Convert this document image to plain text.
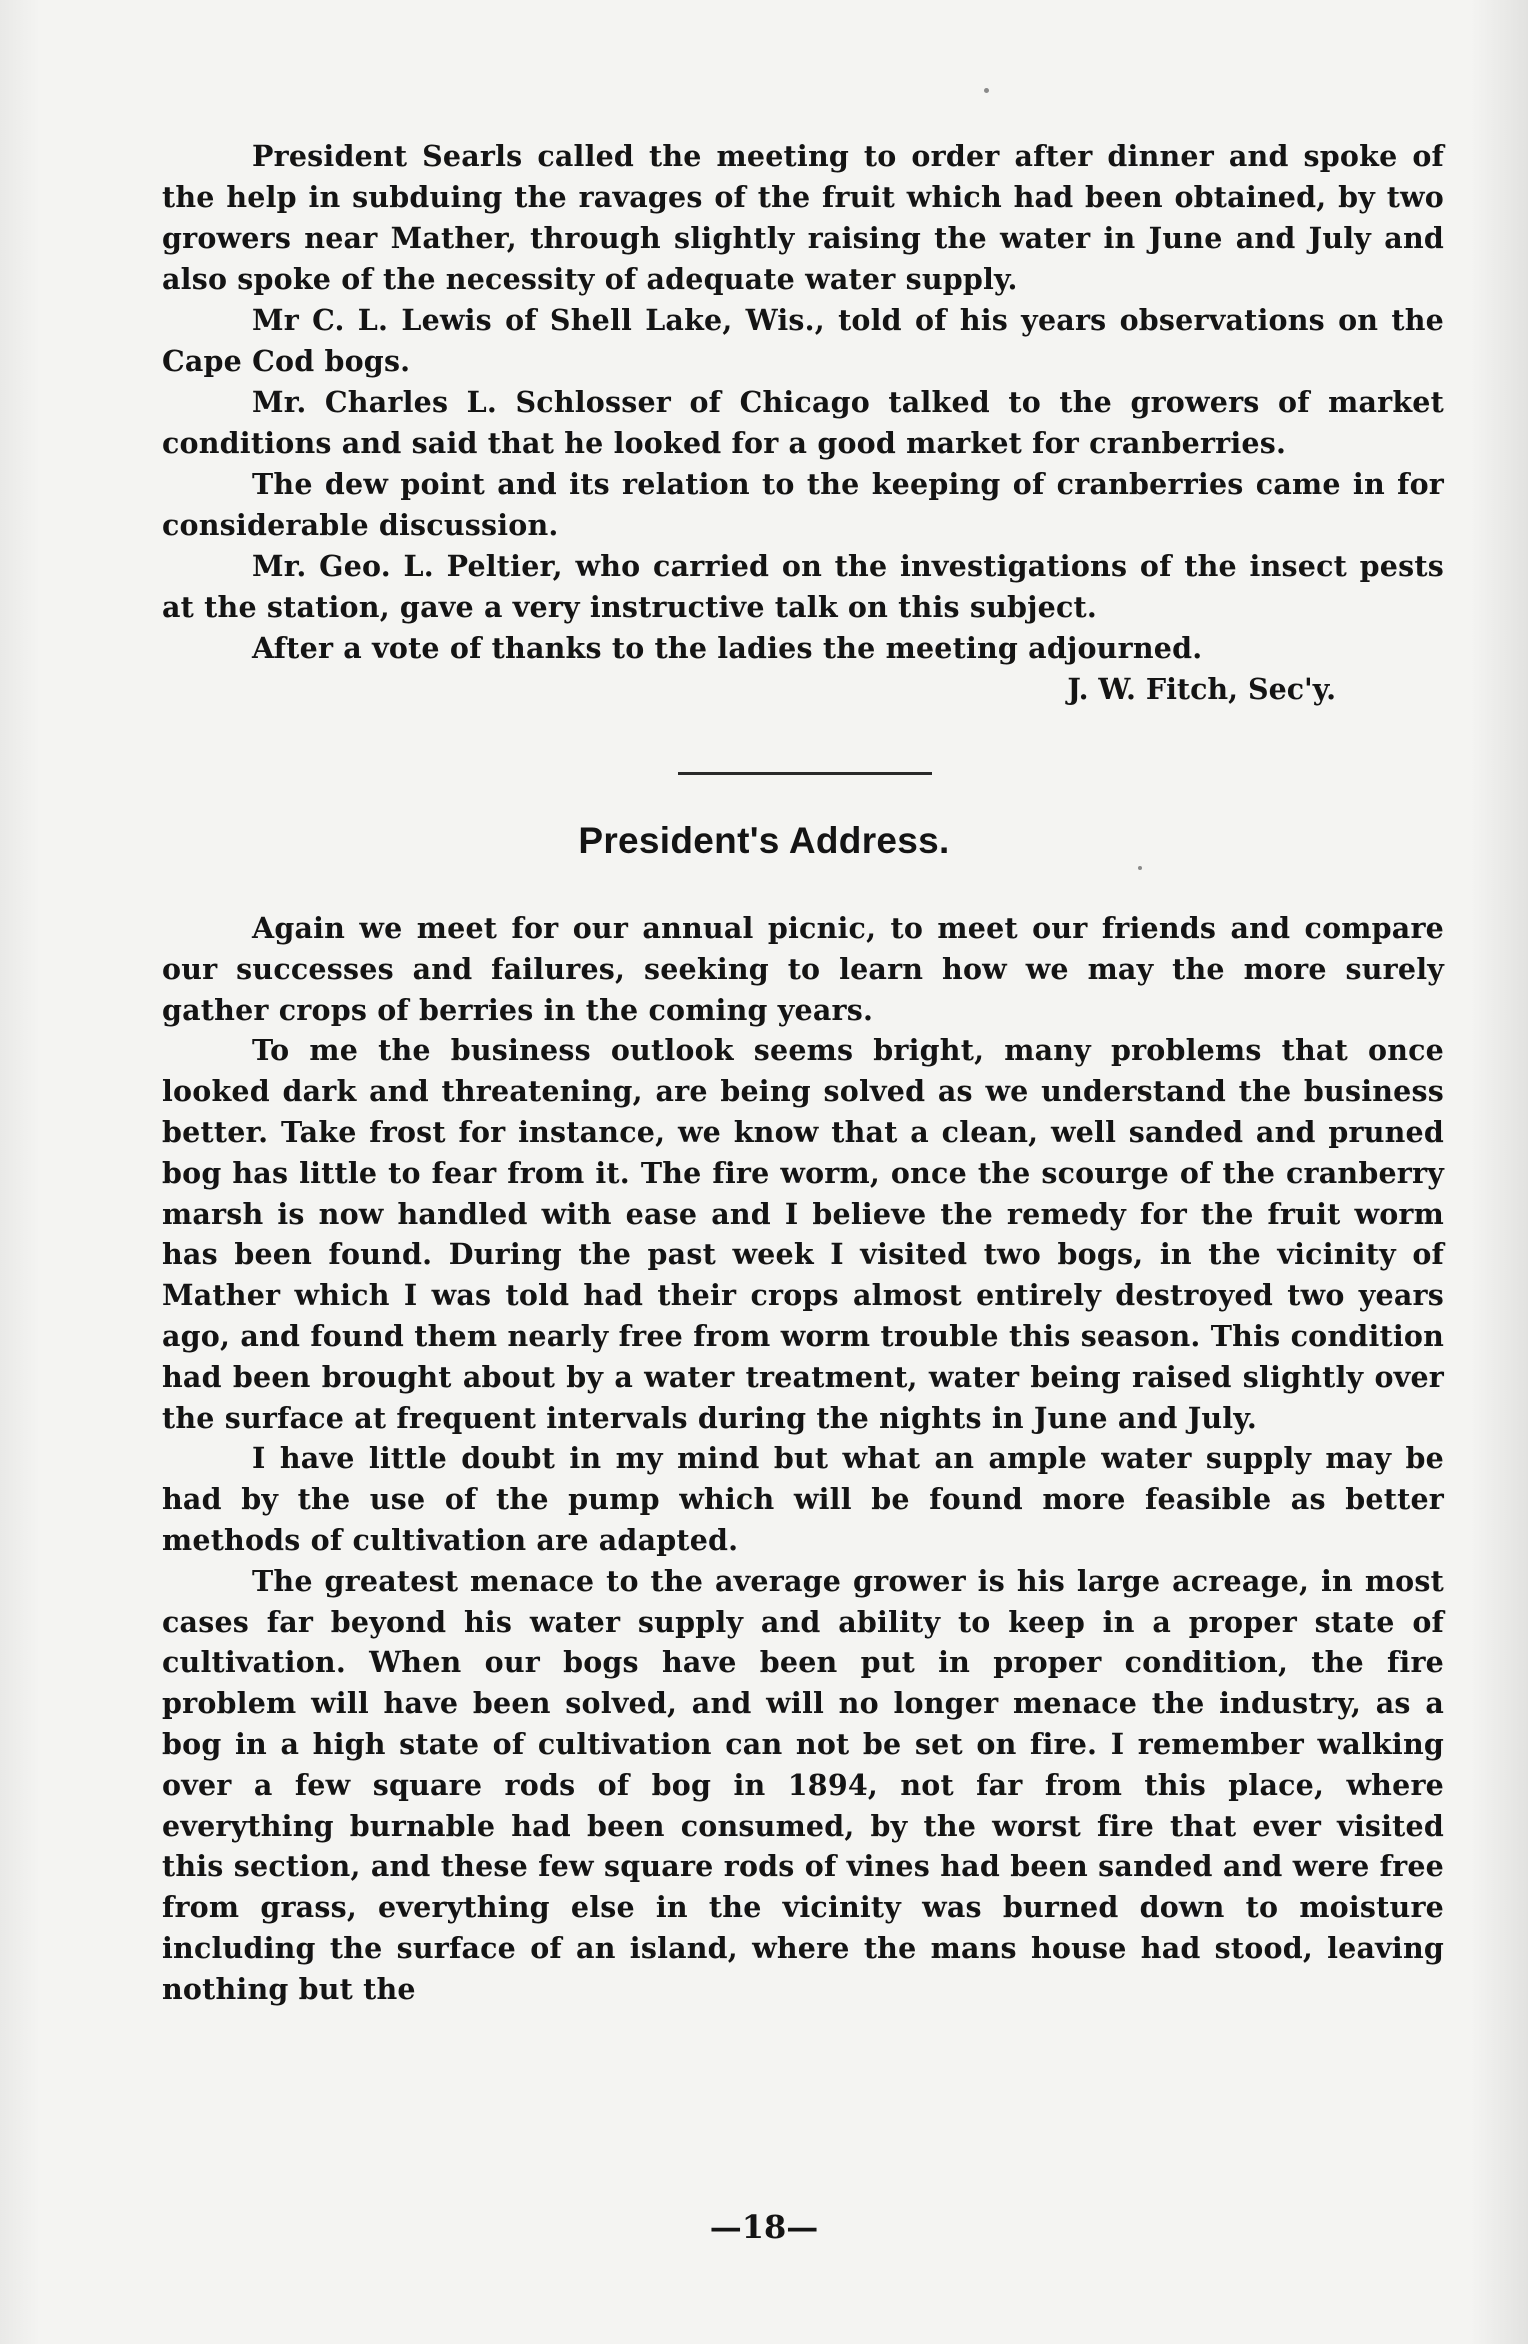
President Searls called the meeting to order after dinner and spoke of the help in subduing the ravages of the fruit which had been obtained, by two growers near Mather, through slightly raising the water in June and July and also spoke of the necessity of adequate water supply.

Mr C. L. Lewis of Shell Lake, Wis., told of his years observations on the Cape Cod bogs.

Mr. Charles L. Schlosser of Chicago talked to the growers of market conditions and said that he looked for a good market for cranberries.

The dew point and its relation to the keeping of cranberries came in for considerable discussion.

Mr. Geo. L. Peltier, who carried on the investigations of the insect pests at the station, gave a very instructive talk on this subject.

After a vote of thanks to the ladies the meeting adjourned.

J. W. Fitch, Sec'y.

President's Address.

Again we meet for our annual picnic, to meet our friends and compare our successes and failures, seeking to learn how we may the more surely gather crops of berries in the coming years.

To me the business outlook seems bright, many problems that once looked dark and threatening, are being solved as we understand the business better. Take frost for instance, we know that a clean, well sanded and pruned bog has little to fear from it. The fire worm, once the scourge of the cranberry marsh is now handled with ease and I believe the remedy for the fruit worm has been found. During the past week I visited two bogs, in the vicinity of Mather which I was told had their crops almost entirely destroyed two years ago, and found them nearly free from worm trouble this season. This condition had been brought about by a water treatment, water being raised slightly over the surface at frequent intervals during the nights in June and July.

I have little doubt in my mind but what an ample water supply may be had by the use of the pump which will be found more feasible as better methods of cultivation are adapted.

The greatest menace to the average grower is his large acreage, in most cases far beyond his water supply and ability to keep in a proper state of cultivation. When our bogs have been put in proper condition, the fire problem will have been solved, and will no longer menace the industry, as a bog in a high state of cultivation can not be set on fire. I remember walking over a few square rods of bog in 1894, not far from this place, where everything burnable had been consumed, by the worst fire that ever visited this section, and these few square rods of vines had been sanded and were free from grass, everything else in the vicinity was burned down to moisture including the surface of an island, where the mans house had stood, leaving nothing but the

—18—
